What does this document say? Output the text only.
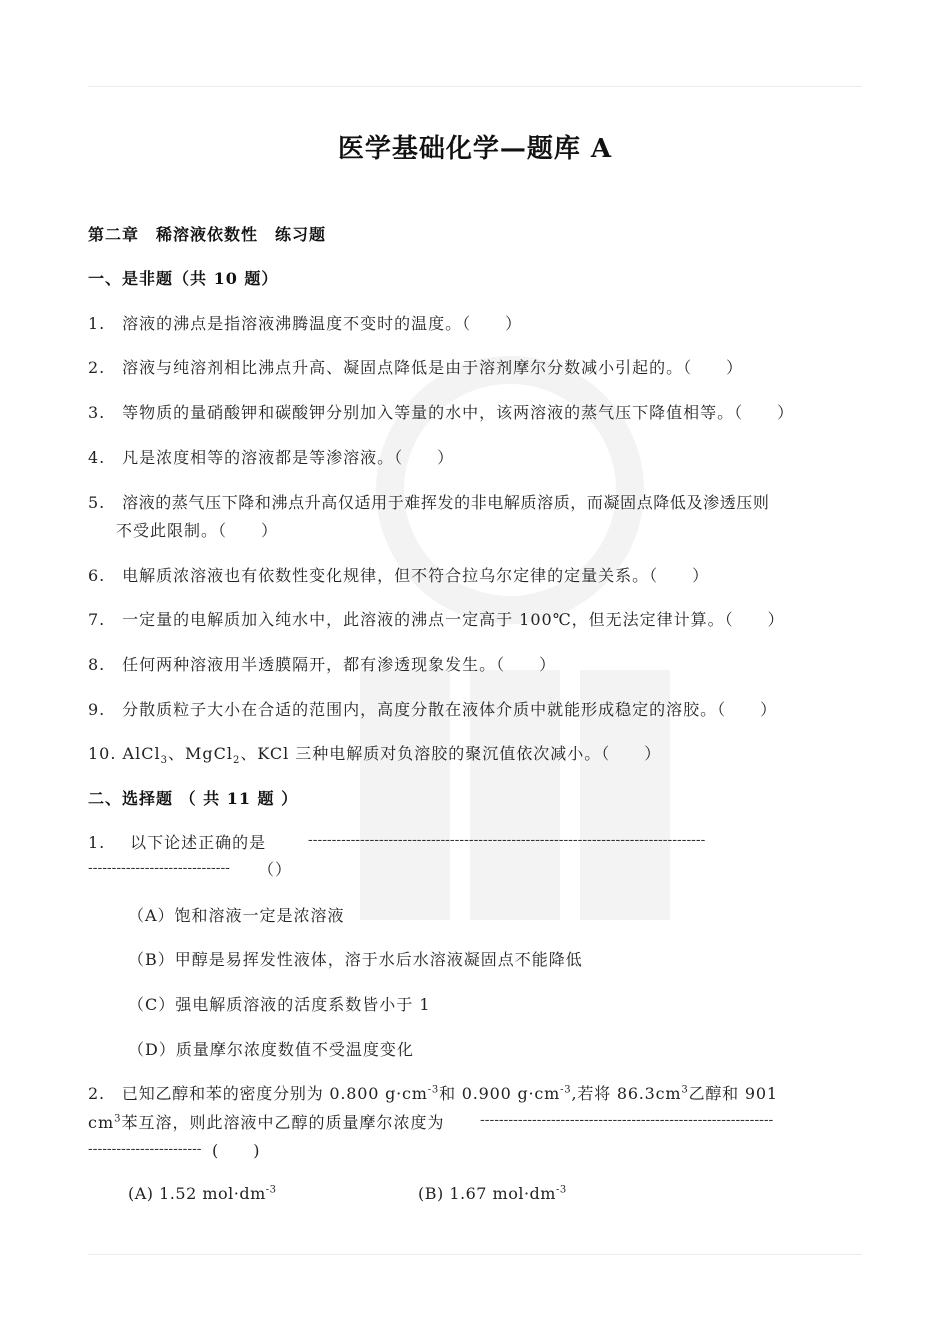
医学基础化学—题库 A
第二章　稀溶液依数性　练习题
一、是非题（共 10 题）
1. 溶液的沸点是指溶液沸腾温度不变时的温度。（　　）
2. 溶液与纯溶剂相比沸点升高、凝固点降低是由于溶剂摩尔分数减小引起的。（　　）
3. 等物质的量硝酸钾和碳酸钾分别加入等量的水中，该两溶液的蒸气压下降值相等。（　　）
4. 凡是浓度相等的溶液都是等渗溶液。（　　）
5. 溶液的蒸气压下降和沸点升高仅适用于难挥发的非电解质溶质，而凝固点降低及渗透压则
不受此限制。（　　）
6. 电解质浓溶液也有依数性变化规律，但不符合拉乌尔定律的定量关系。（　　）
7. 一定量的电解质加入纯水中，此溶液的沸点一定高于 100℃，但无法定律计算。（　　）
8. 任何两种溶液用半透膜隔开，都有渗透现象发生。（　　）
9. 分散质粒子大小在合适的范围内，高度分散在液体介质中就能形成稳定的溶胶。（　　）
10. AlCl$_3$、MgCl$_2$、KCl 三种电解质对负溶胶的聚沉值依次减小。（　　）
二、选择题 （ 共 11 题 ）
1. 以下论述正确的是	------------------------------------------------------------------------------------
------------------------------	（）
（A）饱和溶液一定是浓溶液
（B）甲醇是易挥发性液体，溶于水后水溶液凝固点不能降低
（C）强电解质溶液的活度系数皆小于 1
（D）质量摩尔浓度数值不受温度变化
2. 已知乙醇和苯的密度分别为 0.800 $g\cdot cm^{-3}$和 0.900 $g\cdot cm^{-3}$,若将 $86.3cm^3$乙醇和 901
$cm^3$苯互溶，则此溶液中乙醇的质量摩尔浓度为	--------------------------------------------------------------
------------------------ (　　)
(A) 1.52 $mol\cdot dm^{-3}$	(B) 1.67 $mol\cdot dm^{-3}$
